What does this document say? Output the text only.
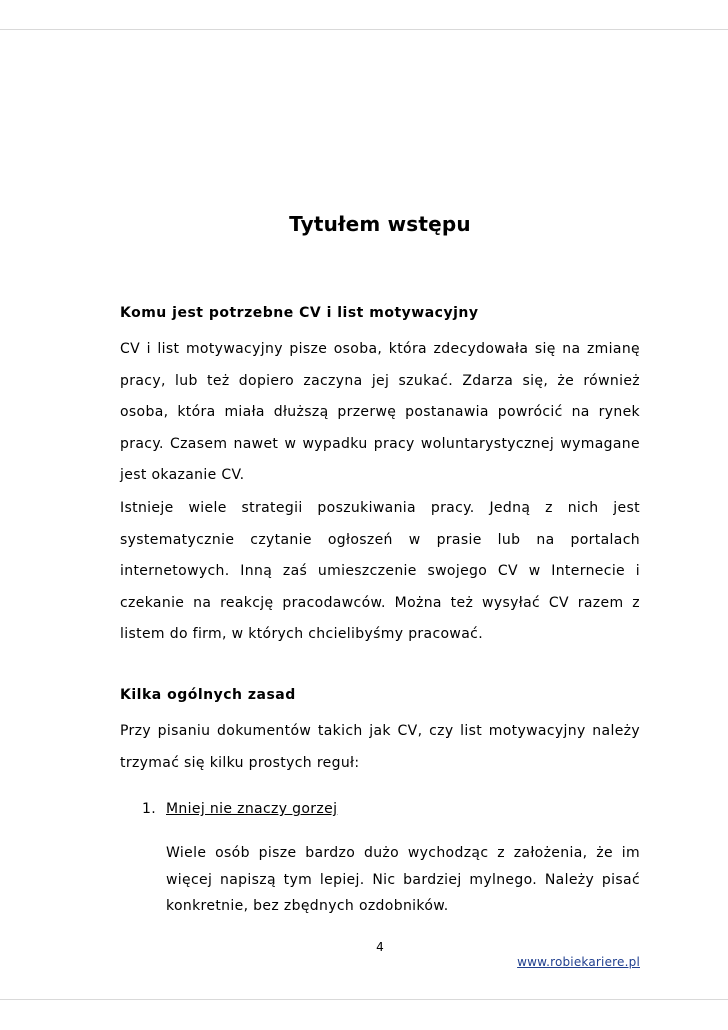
Tytułem wstępu
Komu jest potrzebne CV i list motywacyjny

CV i list motywacyjny pisze osoba, która zdecydowała się na zmianę pracy, lub też dopiero zaczyna jej szukać. Zdarza się, że również osoba, która miała dłuższą przerwę postanawia powrócić na rynek pracy. Czasem nawet w wypadku pracy woluntarystycznej wymagane jest okazanie CV.

Istnieje wiele strategii poszukiwania pracy. Jedną z nich jest systematycznie czytanie ogłoszeń w prasie lub na portalach internetowych. Inną zaś umieszczenie swojego CV w Internecie i czekanie na reakcję pracodawców. Można też wysyłać CV razem z listem do firm, w których chcielibyśmy pracować.

Kilka ogólnych zasad

Przy pisaniu dokumentów takich jak CV, czy list motywacyjny należy trzymać się kilku prostych reguł:

1. Mniej nie znaczy gorzej

Wiele osób pisze bardzo dużo wychodząc z założenia, że im więcej napiszą tym lepiej. Nic bardziej mylnego. Należy pisać konkretnie, bez zbędnych ozdobników.

4
www.robiekariere.pl
